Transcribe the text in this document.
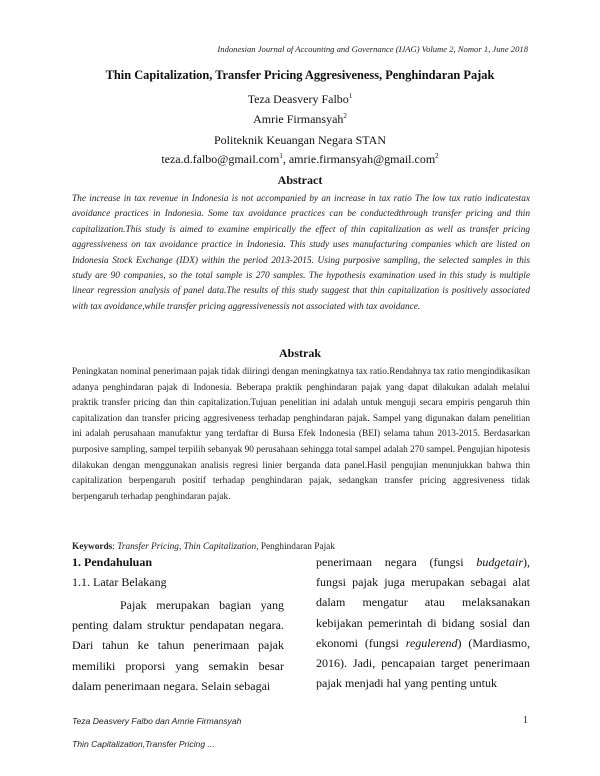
Indonesian Journal of Accounting and Governance (IJAG) Volume 2, Nomor 1, June 2018
Thin Capitalization, Transfer Pricing Aggresiveness, Penghindaran Pajak
Teza Deasvery Falbo$^1$
Amrie Firmansyah$^2$
Politeknik Keuangan Negara STAN
teza.d.falbo@gmail.com$^1$, amrie.firmansyah@gmail.com$^2$
Abstract
The increase in tax revenue in Indonesia is not accompanied by an increase in tax ratio The low tax ratio indicatestax avoidance practices in Indonesia. Some tax avoidance practices can be conductedthrough transfer pricing and thin capitalization.This study is aimed to examine empirically the effect of thin capitalization as well as transfer pricing aggressiveness on tax avoidance practice in Indonesia. This study uses manufacturing companies which are listed on Indonesia Stock Exchange (IDX) within the period 2013-2015. Using purposive sampling, the selected samples in this study are 90 companies, so the total sample is 270 samples. The hypothesis examination used in this study is multiple linear regression analysis of panel data.The results of this study suggest that thin capitalization is positively associated with tax avoidance,while transfer pricing aggressivenessis not associated with tax avoidance.
Abstrak
Peningkatan nominal penerimaan pajak tidak diiringi dengan meningkatnya tax ratio.Rendahnya tax ratio mengindikasikan adanya penghindaran pajak di Indonesia. Beberapa praktik penghindaran pajak yang dapat dilakukan adalah melalui praktik transfer pricing dan thin capitalization.Tujuan penelitian ini adalah untuk menguji secara empiris pengaruh thin capitalization dan transfer pricing aggresiveness terhadap penghindaran pajak. Sampel yang digunakan dalam penelitian ini adalah perusahaan manufaktur yang terdaftar di Bursa Efek Indonesia (BEI) selama tahun 2013-2015. Berdasarkan purposive sampling, sampel terpilih sebanyak 90 perusahaan sehingga total sampel adalah 270 sampel. Pengujian hipotesis dilakukan dengan menggunakan analisis regresi linier berganda data panel.Hasil pengujian menunjukkan bahwa thin capitalization berpengaruh positif terhadap penghindaran pajak, sedangkan transfer pricing aggresiveness tidak berpengaruh terhadap penghindaran pajak.
Keywords: Transfer Pricing, Thin Capitalization, Penghindaran Pajak
1. Pendahuluan
1.1. Latar Belakang
Pajak merupakan bagian yang penting dalam struktur pendapatan negara. Dari tahun ke tahun penerimaan pajak memiliki proporsi yang semakin besar dalam penerimaan negara. Selain sebagai
penerimaan negara (fungsi budgetair), fungsi pajak juga merupakan sebagai alat dalam mengatur atau melaksanakan kebijakan pemerintah di bidang sosial dan ekonomi (fungsi regulerend) (Mardiasmo, 2016). Jadi, pencapaian target penerimaan pajak menjadi hal yang penting untuk
Teza Deasvery Falbo dan Amrie Firmansyah	1
Thin Capitalization,Transfer Pricing ...
